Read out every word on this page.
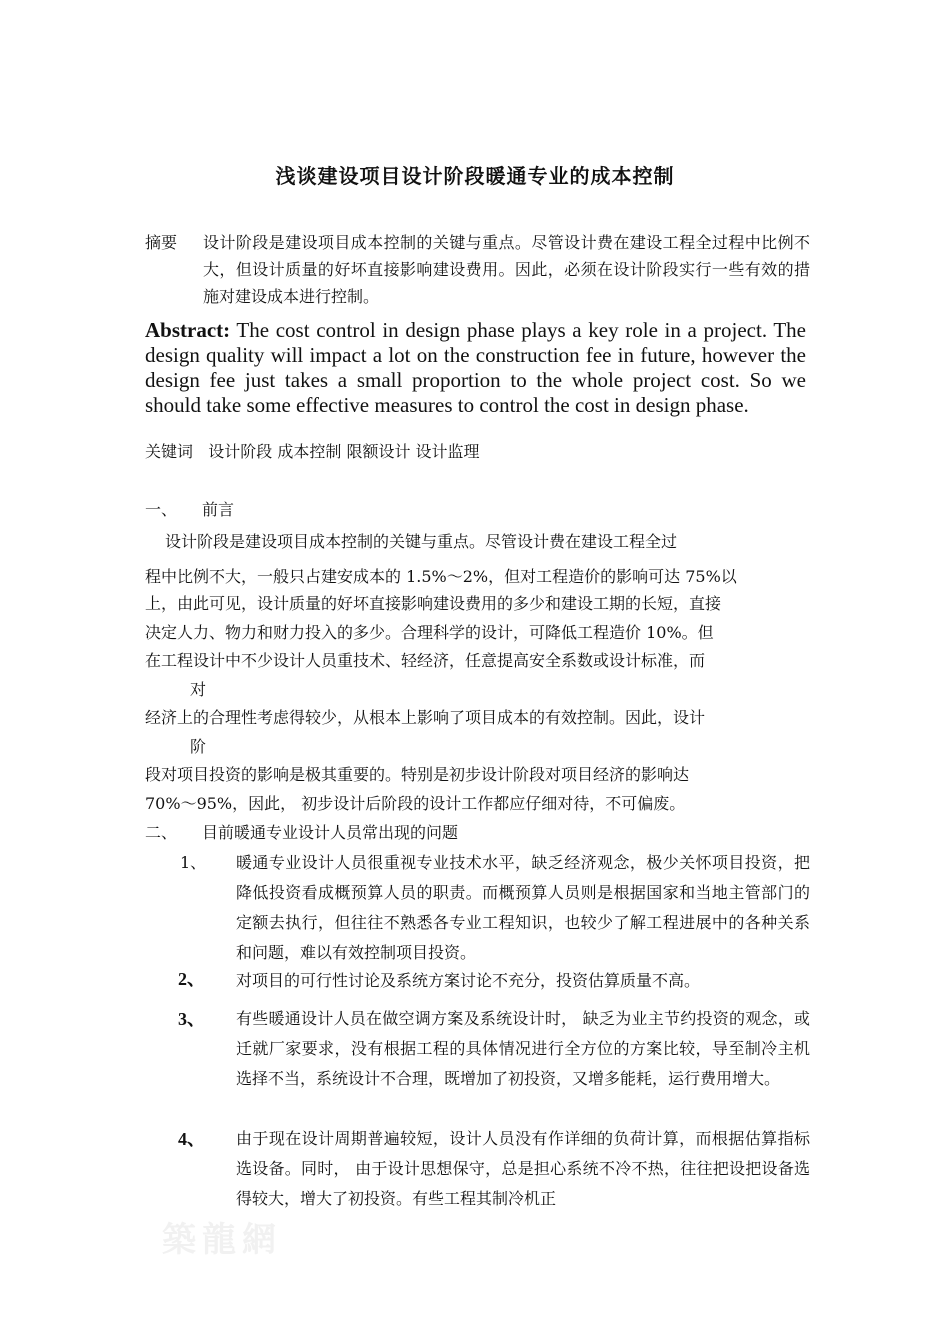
浅谈建设项目设计阶段暖通专业的成本控制
摘要 设计阶段是建设项目成本控制的关键与重点。尽管设计费在建设工程全过程中比例不大，但设计质量的好坏直接影响建设费用。因此，必须在设计阶段实行一些有效的措施对建设成本进行控制。
Abstract: The cost control in design phase plays a key role in a project. The design quality will impact a lot on the construction fee in future, however the design fee just takes a small proportion to the whole project cost. So we should take some effective measures to control the cost in design phase.
关键词 设计阶段 成本控制 限额设计 设计监理
一、 前言
设计阶段是建设项目成本控制的关键与重点。尽管设计费在建设工程全过
程中比例不大，一般只占建安成本的 1.5%～2%，但对工程造价的影响可达 75%以
上，由此可见，设计质量的好坏直接影响建设费用的多少和建设工期的长短，直接
决定人力、物力和财力投入的多少。合理科学的设计，可降低工程造价 10%。但
在工程设计中不少设计人员重技术、轻经济，任意提高安全系数或设计标准，而
对
经济上的合理性考虑得较少，从根本上影响了项目成本的有效控制。因此，设计
阶
段对项目投资的影响是极其重要的。特别是初步设计阶段对项目经济的影响达
70%～95%，因此， 初步设计后阶段的设计工作都应仔细对待，不可偏废。
二、 目前暖通专业设计人员常出现的问题
1、 暖通专业设计人员很重视专业技术水平，缺乏经济观念，极少关怀项目投资，把降低投资看成概预算人员的职责。而概预算人员则是根据国家和当地主管部门的定额去执行，但往往不熟悉各专业工程知识，也较少了解工程进展中的各种关系和问题，难以有效控制项目投资。
2、 对项目的可行性讨论及系统方案讨论不充分，投资估算质量不高。
3、 有些暖通设计人员在做空调方案及系统设计时， 缺乏为业主节约投资的观念，或迁就厂家要求，没有根据工程的具体情况进行全方位的方案比较，导至制冷主机选择不当，系统设计不合理，既增加了初投资，又增多能耗，运行费用增大。
4、 由于现在设计周期普遍较短，设计人员没有作详细的负荷计算，而根据估算指标选设备。同时， 由于设计思想保守，总是担心系统不冷不热，往往把设把设备选得较大，增大了初投资。有些工程其制冷机正
築龍網
